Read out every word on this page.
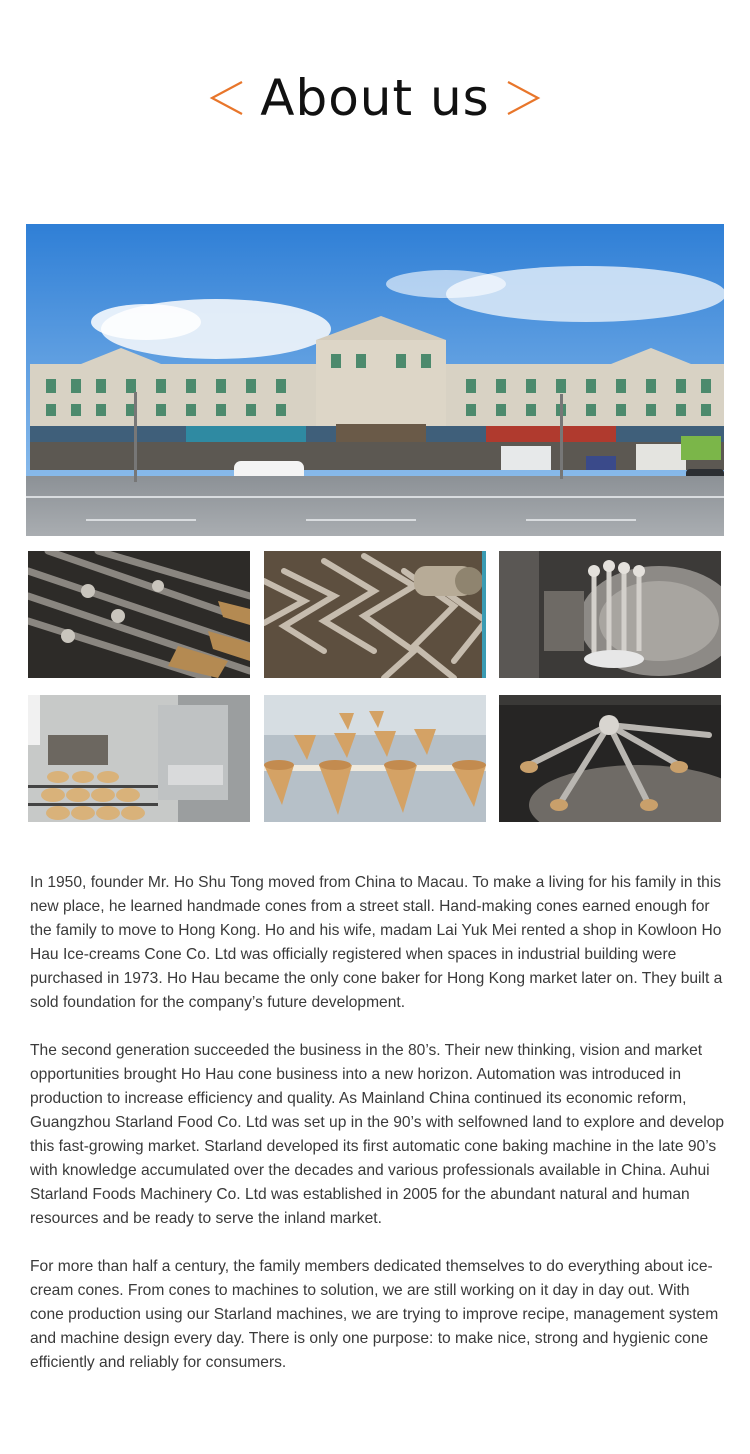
About us

In 1950, founder Mr. Ho Shu Tong moved from China to Macau. To make a living for his family in this new place, he learned handmade cones from a street stall. Hand-making cones earned enough for the family to move to Hong Kong. Ho and his wife, madam Lai Yuk Mei rented a shop in Kowloon Ho Hau Ice-creams Cone Co. Ltd was officially registered when spaces in industrial building were purchased in 1973. Ho Hau became the only cone baker for Hong Kong market later on. They built a sold foundation for the company’s future development.

The second generation succeeded the business in the 80’s. Their new thinking, vision and market opportunities brought Ho Hau cone business into a new horizon. Automation was introduced in production to increase efficiency and quality. As Mainland China continued its economic reform, Guangzhou Starland Food Co. Ltd was set up in the 90’s with selfowned land to explore and develop this fast-growing market. Starland developed its first automatic cone baking machine in the late 90’s with knowledge accumulated over the decades and various professionals available in China. Auhui Starland Foods Machinery Co. Ltd was established in 2005 for the abundant natural and human resources and be ready to serve the inland market.

For more than half a century, the family members dedicated themselves to do everything about ice-cream cones. From cones to machines to solution, we are still working on it day in day out. With cone production using our Starland machines, we are trying to improve recipe, management system and machine design every day. There is only one purpose: to make nice, strong and hygienic cone efficiently and reliably for consumers.
